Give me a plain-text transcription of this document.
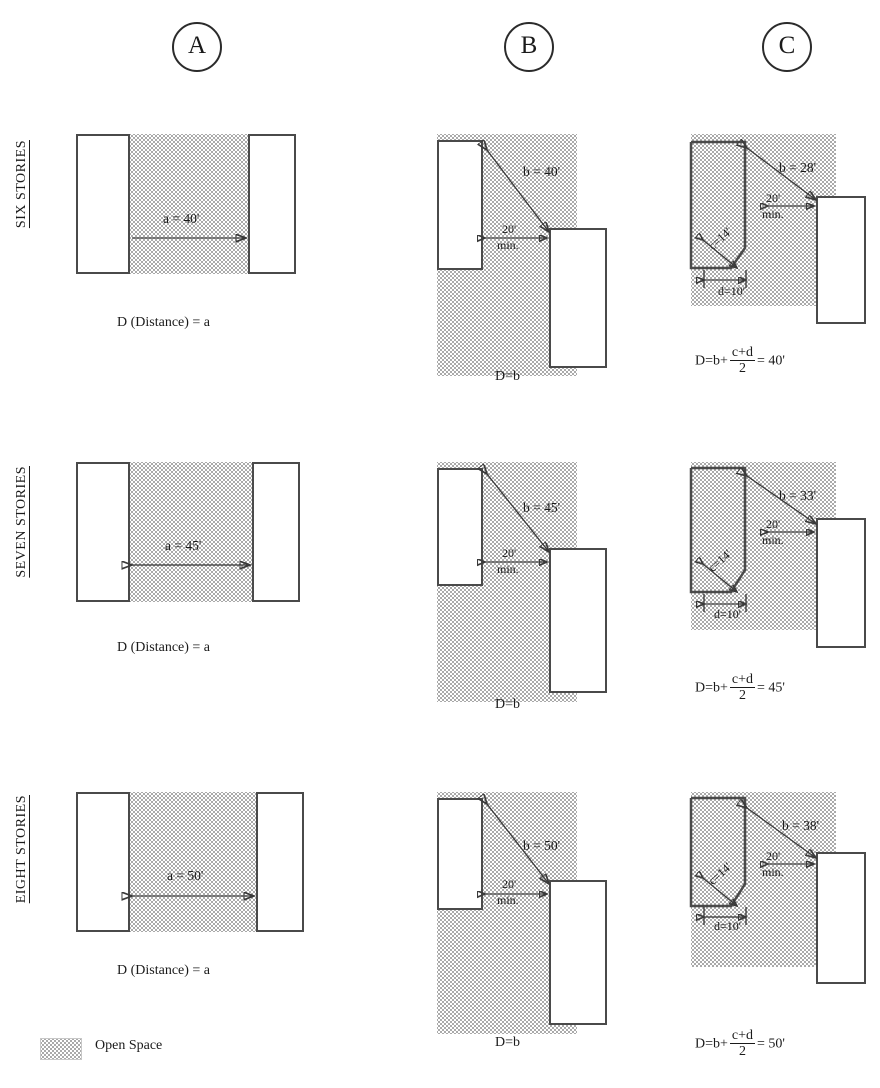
A	B	C
SIX STORIES
SEVEN STORIES
EIGHT STORIES
a = 40'
D (Distance) = a
b = 40'
20'
min.
D=b
b = 28'
20'
min.
c=14'
d=10'
$D=b+ \frac{c+d}{2} = 40'$
a = 45'
D (Distance) = a
b = 45'
20'
min.
D=b
b = 33'
20'
min.
c=14'
d=10'
$D=b+ \frac{c+d}{2} = 45'$
a = 50'
D (Distance) = a
b = 50'
20'
min.
D=b
b = 38'
20'
min.
c=14'
d=10'
$D=b+ \frac{c+d}{2} = 50'$
Open Space
